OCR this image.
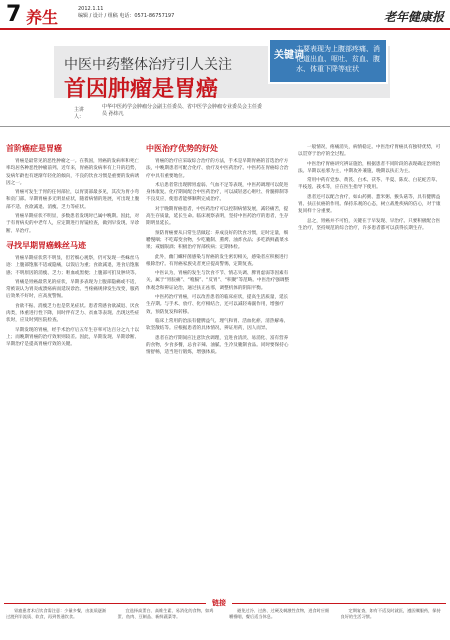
7 养生	2012.1.11
编辑 / 设计 / 组稿 电话：0571-86757197	老年健康报
中医中药整体治疗引人关注
首因肿瘤是胃癌
关键词
主要表现为上腹部疼痛、消化道出血、呕吐、贫血、腹水、体重下降等症状
主讲人：
中华中医药学会肿瘤分会副主任委员、省中医学会肿瘤专业委员会主任委员 孙炜凡
首阶癌症是胃癌

胃癌是最常见的恶性肿瘤之一。在我国，胃癌的发病率和死亡率均居各种恶性肿瘤前列。近年来，胃癌的发病率有上升的趋势，发病年龄也有逐渐年轻化的倾向，不良的饮食习惯是重要的发病诱因之一。

胃癌可发生于胃的任何部位，以胃窦部最多见，其次为胃小弯和贲门部。早期胃癌多无明显症状，随着病情的进展，可出现上腹部不适、食欲减退、消瘦、乏力等症状。

胃癌早期症状不明显，多数患者发现时已属中晚期。因此，对于有胃病史的中老年人，应定期进行胃镜检查，做到早发现、早诊断、早治疗。

寻找早期胃癌蛛丝马迹

胃癌早期症状常不明显，但若细心观察，仍可发现一些蛛丝马迹：上腹部饱胀不适或隐痛，以饭后为重；食欲减退，进食后饱胀感；不明原因的消瘦、乏力；呕血或黑便；上腹部可扪及肿块等。

胃痛是胃癌最常见的症状，早期多表现为上腹部隐痛或不适，常被误认为胃炎或溃疡病而延误诊治。当疼痛规律发生改变，服药后效果不好时，应高度警惕。

食欲不振、消瘦乏力也是常见症状。患者常感食欲减退、厌食肉类，体重进行性下降，同时伴有乏力、贫血等表现。出现这些症状时，应及时到医院检查。

早期发现的胃癌，经手术治疗后五年生存率可达百分之九十以上；而晚期胃癌的治疗效果则较差。因此，早期发现、早期诊断、早期治疗是提高胃癌疗效的关键。

中医治疗优势的好处

胃癌的治疗应采取综合治疗的方法，手术是早期胃癌的首选治疗方法，中晚期患者可配合化疗、放疗及中医药治疗。中医药在胃癌综合治疗中具有重要地位。

术后患者常出现脾胃虚弱、气血不足等表现，中医药调理可以促进身体康复。化疗期间配合中医药治疗，可以减轻恶心呕吐、骨髓抑制等不良反应，使患者能够顺利完成治疗。

对于晚期胃癌患者，中医药治疗可以控制病情发展，减轻痛苦，提高生存质量，延长生命。临床观察表明，坚持中医药治疗的患者，生存期明显延长。

预防胃癌要从日常生活做起：养成良好的饮食习惯，定时定量，细嚼慢咽；不吃霉变食物，少吃腌制、熏烤、油炸食品；多吃新鲜蔬菜水果；戒烟限酒；积极治疗胃部疾病；定期体检。

此外，幽门螺杆菌感染与胃癌的发生密切相关，感染者应积极进行根除治疗。有胃癌家族史者更应提高警惕，定期复查。

中医认为，胃癌的发生与饮食不节、情志失调、脾胃虚弱等因素有关，属于“胃脘痛”、“噎膈”、“反胃”、“积聚”等范畴。中医治疗强调整体观念和辨证论治，通过扶正祛邪，调整机体的阴阳平衡。

中医药治疗胃癌，可以改善患者的临床症状，提高生活质量，延长生存期。与手术、放疗、化疗相结合，还可以减轻毒副作用，增强疗效，预防复发和转移。

临床上常用的治法有健脾益气、理气和胃、活血化瘀、清热解毒、软坚散结等。应根据患者的具体情况，辨证用药，因人而异。

患者在治疗期间应注意饮食调理，宜进食清淡、易消化、富有营养的食物，少食多餐，忌食辛辣、油腻、生冷及腌制食品。同时要保持心情舒畅，适当进行锻炼，增强体质。

一般情况，疼痛消失，病情稳定。中医治疗胃癌具有独特优势，可以贯穿于治疗的全过程。

中医治疗胃癌讲究辨证施治，根据患者不同阶段的表现确定治则治法。早期以祛邪为主，中期攻补兼施，晚期以扶正为主。

常用中药有党参、黄芪、白术、茯苓、半夏、陈皮、白花蛇舌草、半枝莲、莪术等，应在医生指导下使用。

患者还可以配合食疗，如山药粥、薏米粥、猴头菇等，具有健脾益胃、扶正抗癌的作用。保持乐观的心态，树立战胜疾病的信心，对于康复同样十分重要。

总之，胃癌并不可怕，关键在于早发现、早治疗。只要积极配合医生治疗，坚持规范的综合治疗，许多患者都可以获得长期生存。

链接

胃癌患者术后饮食需注意：少量多餐，由流质逐渐过渡到半流质、软食，再到普通饮食。

宜选择高蛋白、高维生素、易消化的食物，如鸡蛋、鱼肉、豆制品、新鲜蔬菜等。

避免过冷、过热、过硬及刺激性食物，进食时应细嚼慢咽，餐后适当休息。

定期复查，如有不适及时就医，遵医嘱服药，保持良好的生活习惯。
